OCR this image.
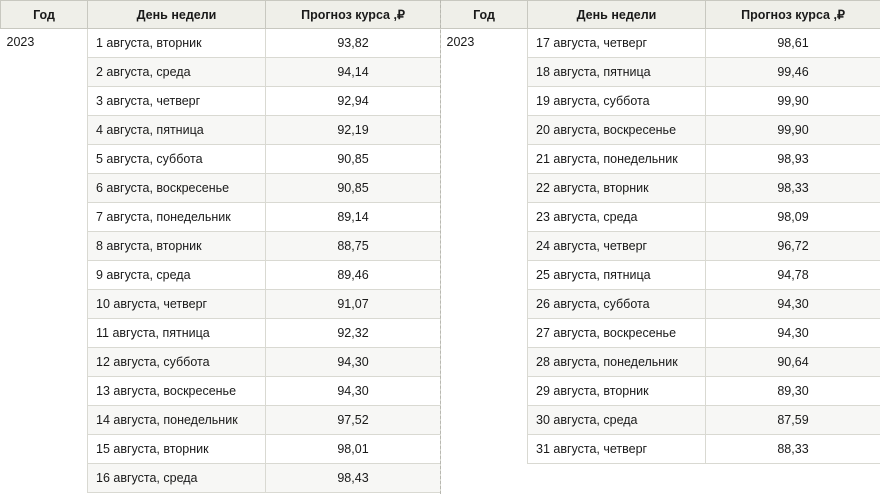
Год	День недели	Прогноз курса ,₽
2023	1 августа, вторник	93,82
	2 августа, среда	94,14
	3 августа, четверг	92,94
	4 августа, пятница	92,19
	5 августа, суббота	90,85
	6 августа, воскресенье	90,85
	7 августа, понедельник	89,14
	8 августа, вторник	88,75
	9 августа, среда	89,46
	10 августа, четверг	91,07
	11 августа, пятница	92,32
	12 августа, суббота	94,30
	13 августа, воскресенье	94,30
	14 августа, понедельник	97,52
	15 августа, вторник	98,01
	16 августа, среда	98,43
Год	День недели	Прогноз курса ,₽
2023	17 августа, четверг	98,61
	18 августа, пятница	99,46
	19 августа, суббота	99,90
	20 августа, воскресенье	99,90
	21 августа, понедельник	98,93
	22 августа, вторник	98,33
	23 августа, среда	98,09
	24 августа, четверг	96,72
	25 августа, пятница	94,78
	26 августа, суббота	94,30
	27 августа, воскресенье	94,30
	28 августа, понедельник	90,64
	29 августа, вторник	89,30
	30 августа, среда	87,59
	31 августа, четверг	88,33
